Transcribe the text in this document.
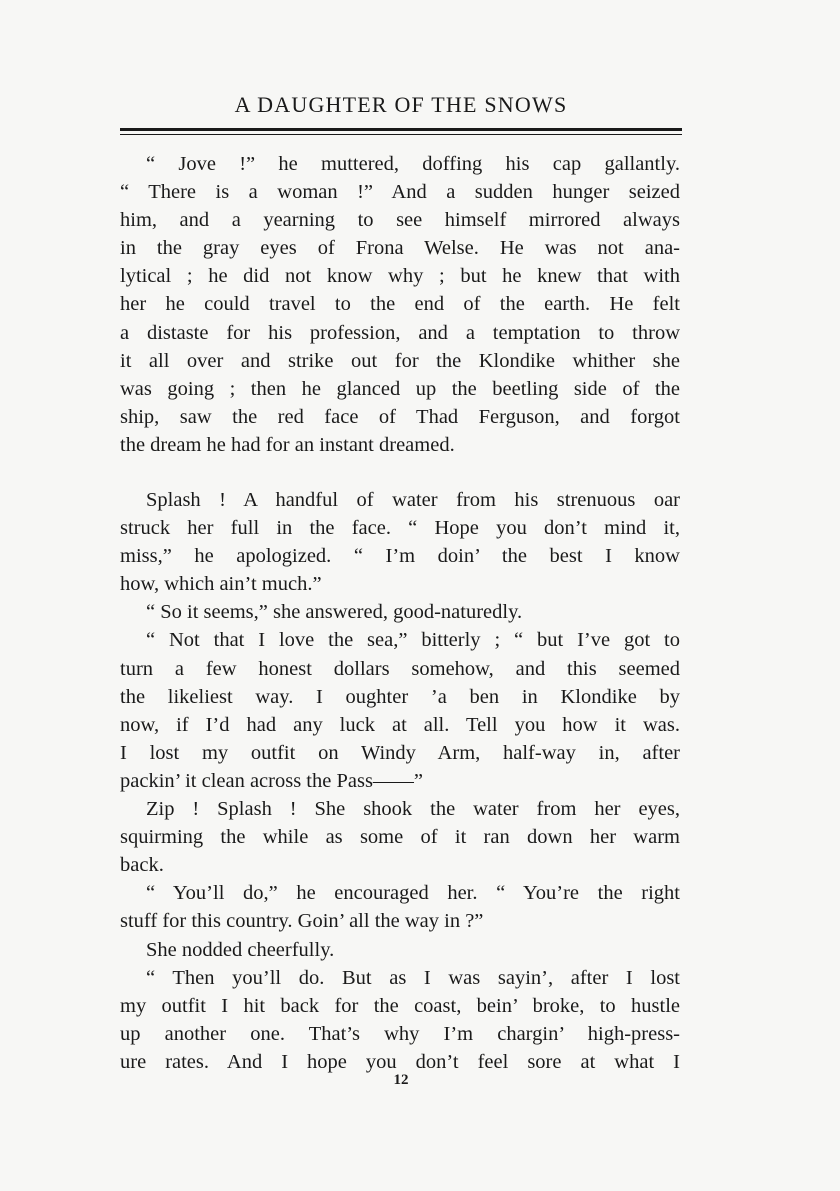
A DAUGHTER OF THE SNOWS
“ Jove !” he muttered, doffing his cap gallantly.
“ There is a woman !” And a sudden hunger seized
him, and a yearning to see himself mirrored always
in the gray eyes of Frona Welse. He was not ana-
lytical ; he did not know why ; but he knew that with
her he could travel to the end of the earth. He felt
a distaste for his profession, and a temptation to throw
it all over and strike out for the Klondike whither she
was going ; then he glanced up the beetling side of the
ship, saw the red face of Thad Ferguson, and forgot
the dream he had for an instant dreamed.
Splash ! A handful of water from his strenuous oar
struck her full in the face. “ Hope you don’t mind it,
miss,” he apologized. “ I’m doin’ the best I know
how, which ain’t much.”
“ So it seems,” she answered, good-naturedly.
“ Not that I love the sea,” bitterly ; “ but I’ve got to
turn a few honest dollars somehow, and this seemed
the likeliest way. I oughter ’a ben in Klondike by
now, if I’d had any luck at all. Tell you how it was.
I lost my outfit on Windy Arm, half-way in, after
packin’ it clean across the Pass——”
Zip ! Splash ! She shook the water from her eyes,
squirming the while as some of it ran down her warm
back.
“ You’ll do,” he encouraged her. “ You’re the right
stuff for this country. Goin’ all the way in ?”
She nodded cheerfully.
“ Then you’ll do. But as I was sayin’, after I lost
my outfit I hit back for the coast, bein’ broke, to hustle
up another one. That’s why I’m chargin’ high-press-
ure rates. And I hope you don’t feel sore at what I
12
